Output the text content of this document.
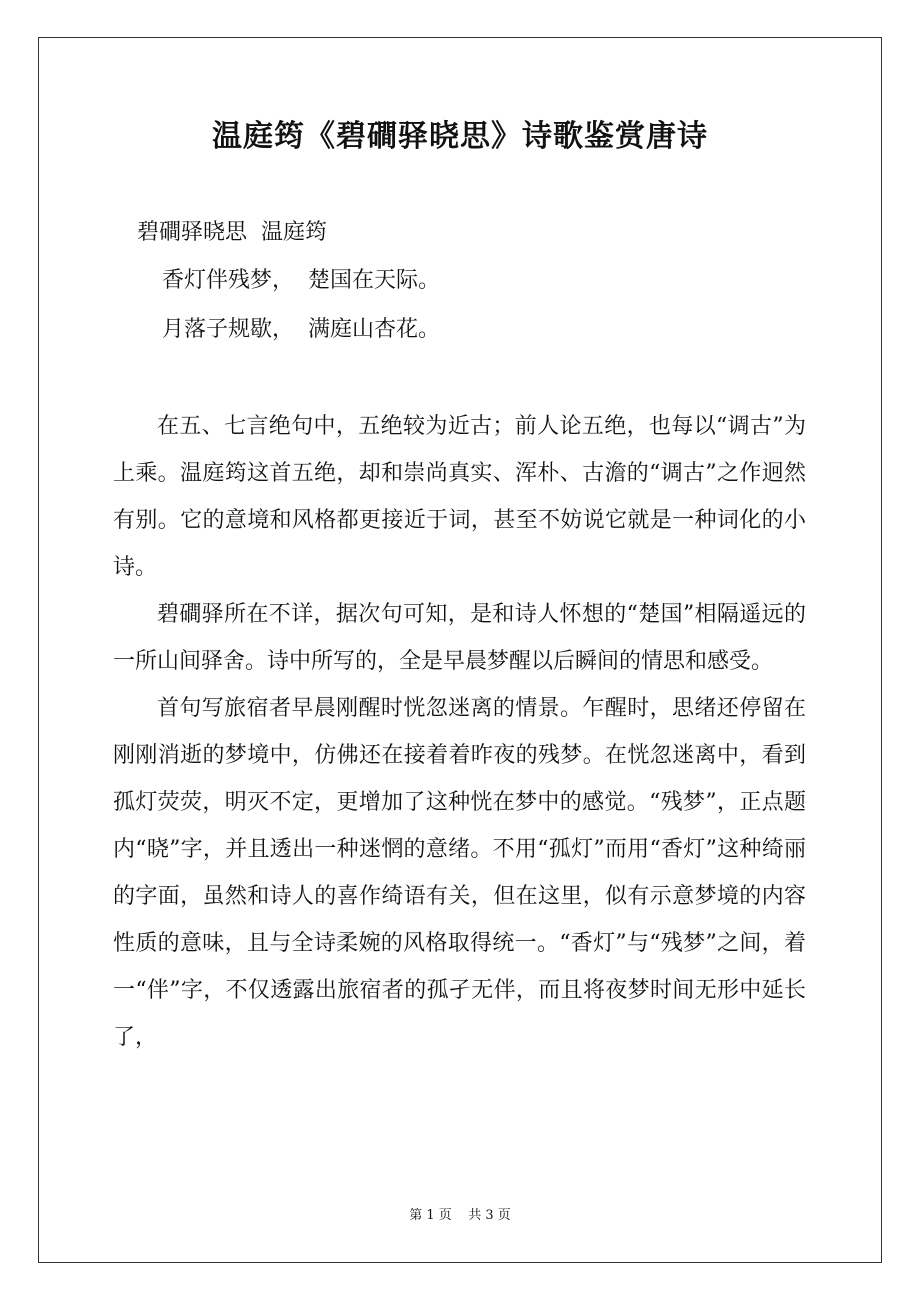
温庭筠《碧磵驿晓思》诗歌鉴赏唐诗
碧磵驿晓思  温庭筠
香灯伴残梦，  楚国在天际。
月落子规歇，  满庭山杏花。

在五、七言绝句中，五绝较为近古；前人论五绝，也每以“调古”为上乘。温庭筠这首五绝，却和崇尚真实、浑朴、古澹的“调古”之作迥然有别。它的意境和风格都更接近于词，甚至不妨说它就是一种词化的小诗。

碧磵驿所在不详，据次句可知，是和诗人怀想的“楚国”相隔遥远的一所山间驿舍。诗中所写的，全是早晨梦醒以后瞬间的情思和感受。

首句写旅宿者早晨刚醒时恍忽迷离的情景。乍醒时，思绪还停留在刚刚消逝的梦境中，仿佛还在接着着昨夜的残梦。在恍忽迷离中，看到孤灯荧荧，明灭不定，更增加了这种恍在梦中的感觉。“残梦”，正点题内“晓”字，并且透出一种迷惘的意绪。不用“孤灯”而用“香灯”这种绮丽的字面，虽然和诗人的喜作绮语有关，但在这里，似有示意梦境的内容性质的意味，且与全诗柔婉的风格取得统一。“香灯”与“残梦”之间，着一“伴”字，不仅透露出旅宿者的孤孑无伴，而且将夜梦时间无形中延长了，

第 1 页    共 3 页
